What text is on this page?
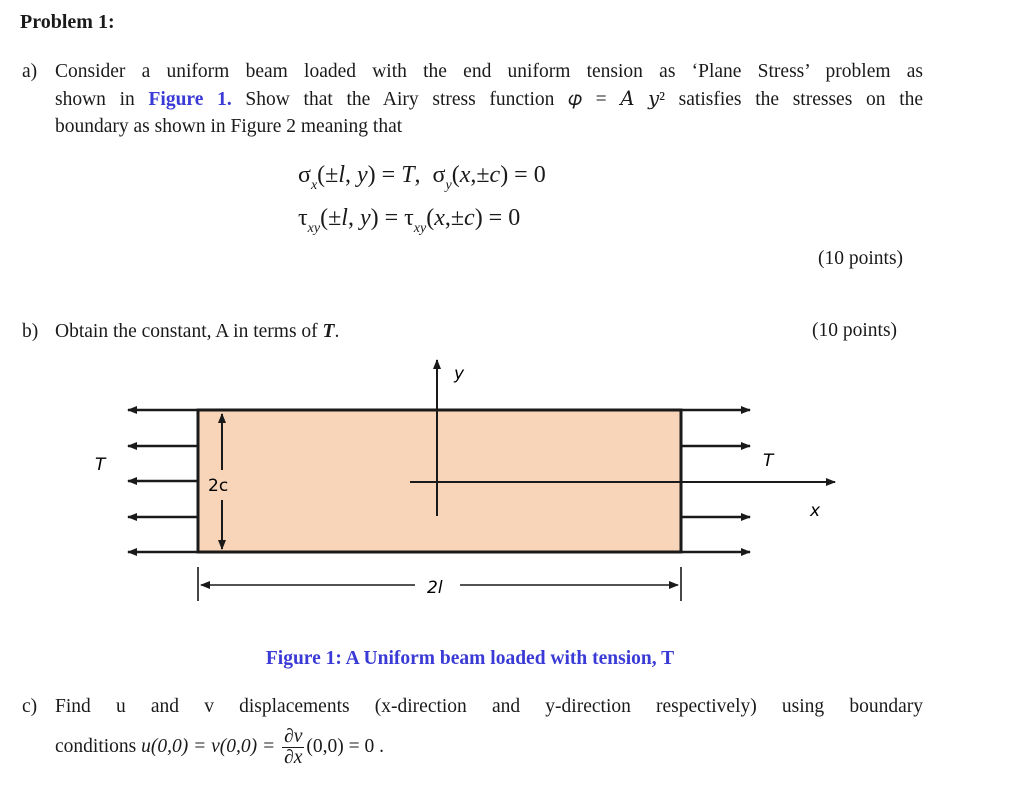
Problem 1:
a) Consider a uniform beam loaded with the end uniform tension as ‘Plane Stress’ problem as
shown in Figure 1. Show that the Airy stress function 𝜑 = 𝐴 𝑦² satisfies the stresses on the
boundary as shown in Figure 2 meaning that
$\sigma_x(\pm l$, y) = T,  $\sigma_y(x,\pm c) = 0$
$\tau_{xy}(\pm l$, $y) = \tau_{xy}(x,\pm c) = 0$
(10 points)
b) Obtain the constant, A in terms of T.	(10 points)
y
x
T	T
2c
2l
Figure 1: A Uniform beam loaded with tension, T
c) Find u and v displacements (x-direction and y-direction respectively) using boundary
conditions $u(0,0) = v(0,0) = \frac{\partial v}{\partial x} (0,0) = 0$ .
